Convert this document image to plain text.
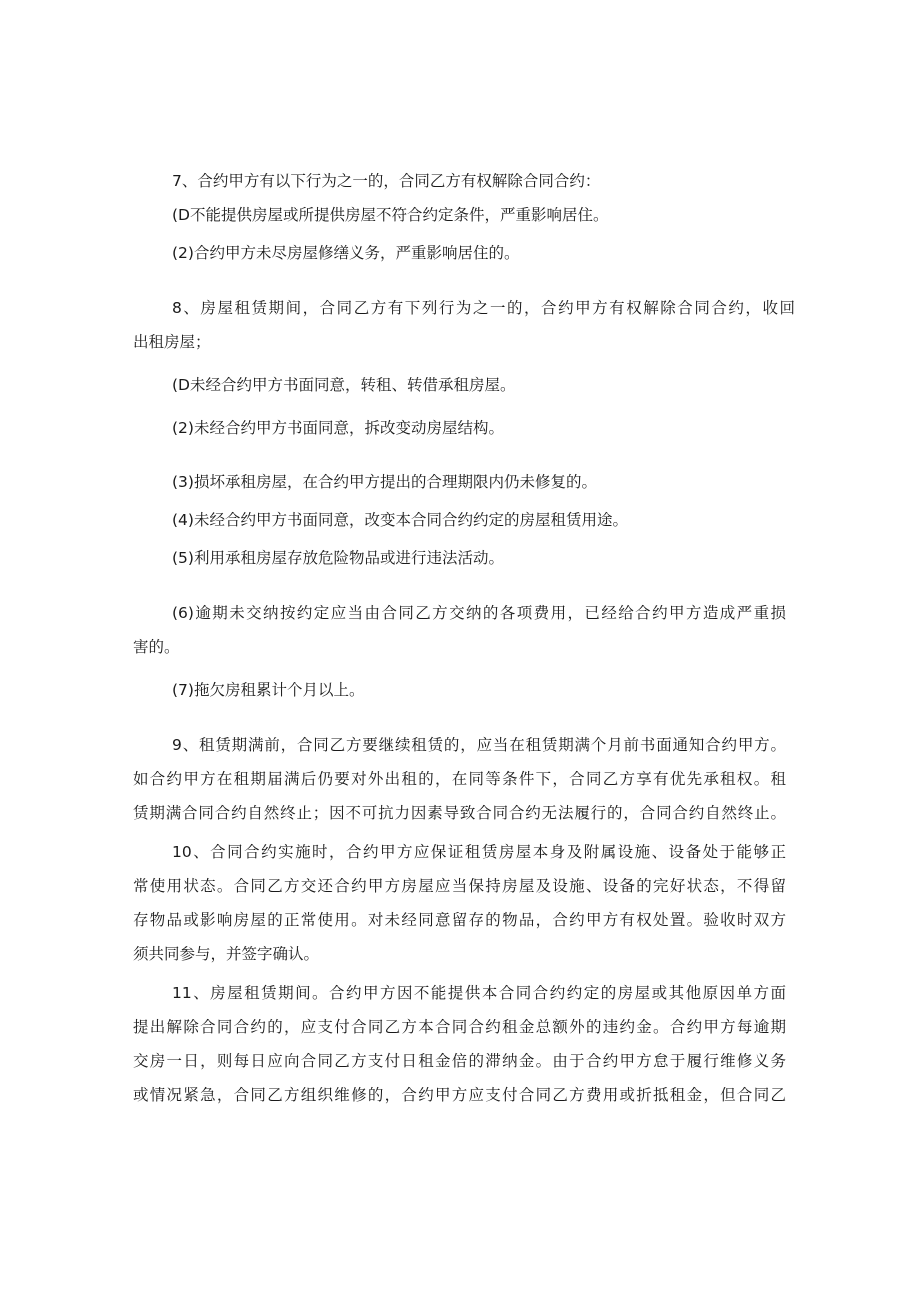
7、合约甲方有以下行为之一的，合同乙方有权解除合同合约：

(D不能提供房屋或所提供房屋不符合约定条件，严重影响居住。

(2)合约甲方未尽房屋修缮义务，严重影响居住的。

8、房屋租赁期间，合同乙方有下列行为之一的，合约甲方有权解除合同合约，收回

出租房屋；

(D未经合约甲方书面同意，转租、转借承租房屋。

(2)未经合约甲方书面同意，拆改变动房屋结构。

(3)损坏承租房屋，在合约甲方提出的合理期限内仍未修复的。

(4)未经合约甲方书面同意，改变本合同合约约定的房屋租赁用途。

(5)利用承租房屋存放危险物品或进行违法活动。

(6)逾期未交纳按约定应当由合同乙方交纳的各项费用，已经给合约甲方造成严重损

害的。

(7)拖欠房租累计个月以上。

9、租赁期满前，合同乙方要继续租赁的，应当在租赁期满个月前书面通知合约甲方。

如合约甲方在租期届满后仍要对外出租的，在同等条件下，合同乙方享有优先承租权。租

赁期满合同合约自然终止；因不可抗力因素导致合同合约无法履行的，合同合约自然终止。

10、合同合约实施时，合约甲方应保证租赁房屋本身及附属设施、设备处于能够正

常使用状态。合同乙方交还合约甲方房屋应当保持房屋及设施、设备的完好状态，不得留

存物品或影响房屋的正常使用。对未经同意留存的物品，合约甲方有权处置。验收时双方

须共同参与，并签字确认。

11、房屋租赁期间。合约甲方因不能提供本合同合约约定的房屋或其他原因单方面

提出解除合同合约的，应支付合同乙方本合同合约租金总额外的违约金。合约甲方每逾期

交房一日，则每日应向合同乙方支付日租金倍的滞纳金。由于合约甲方怠于履行维修义务

或情况紧急，合同乙方组织维修的，合约甲方应支付合同乙方费用或折抵租金，但合同乙
